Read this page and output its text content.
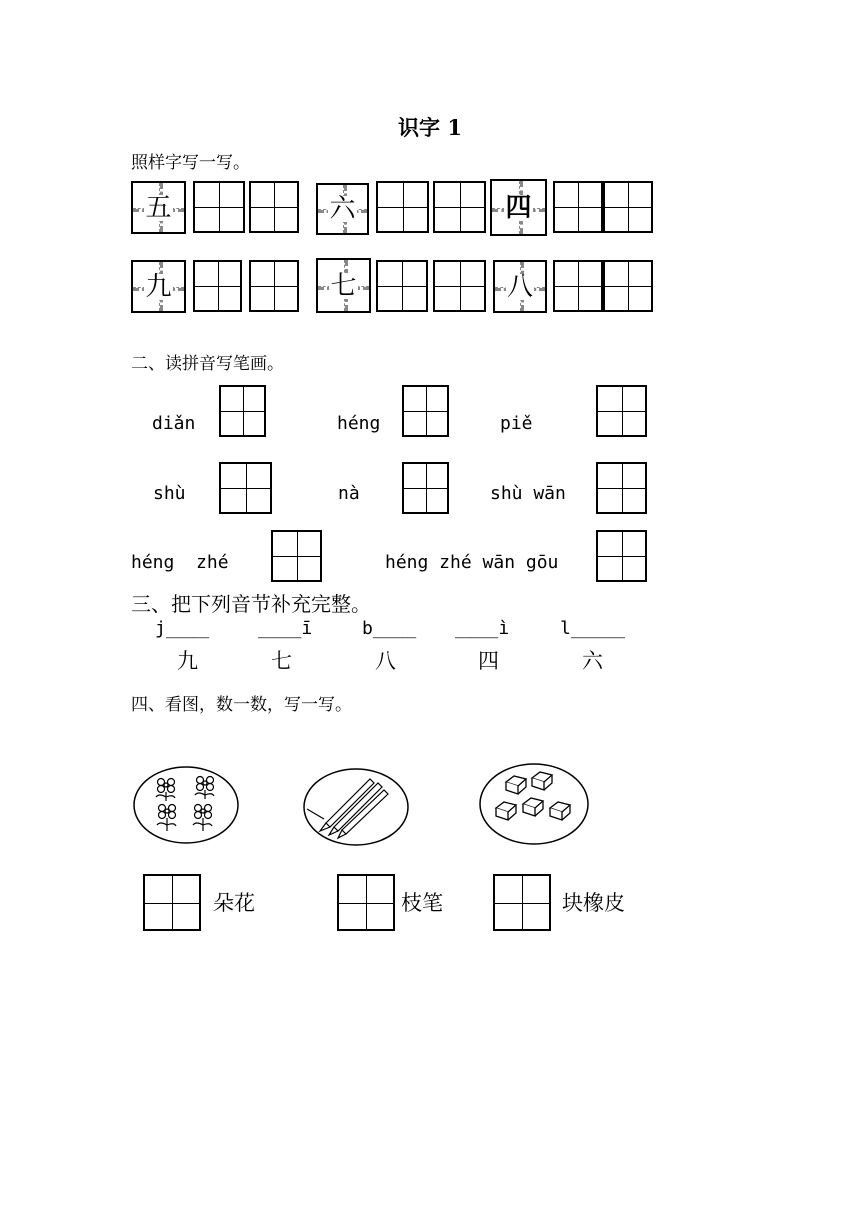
识字 1
照样字写一写。
五	六	四
九	七	八
二、读拼音写笔画。
diǎn	héng	piě
shù	nà	shù wān
héng  zhé	héng zhé wān gōu
三、把下列音节补充完整。
j____	____ī	b____ ____ì	l_____
九	七	八	四	六
四、看图，数一数，写一写。
朵花	枝笔	块橡皮
